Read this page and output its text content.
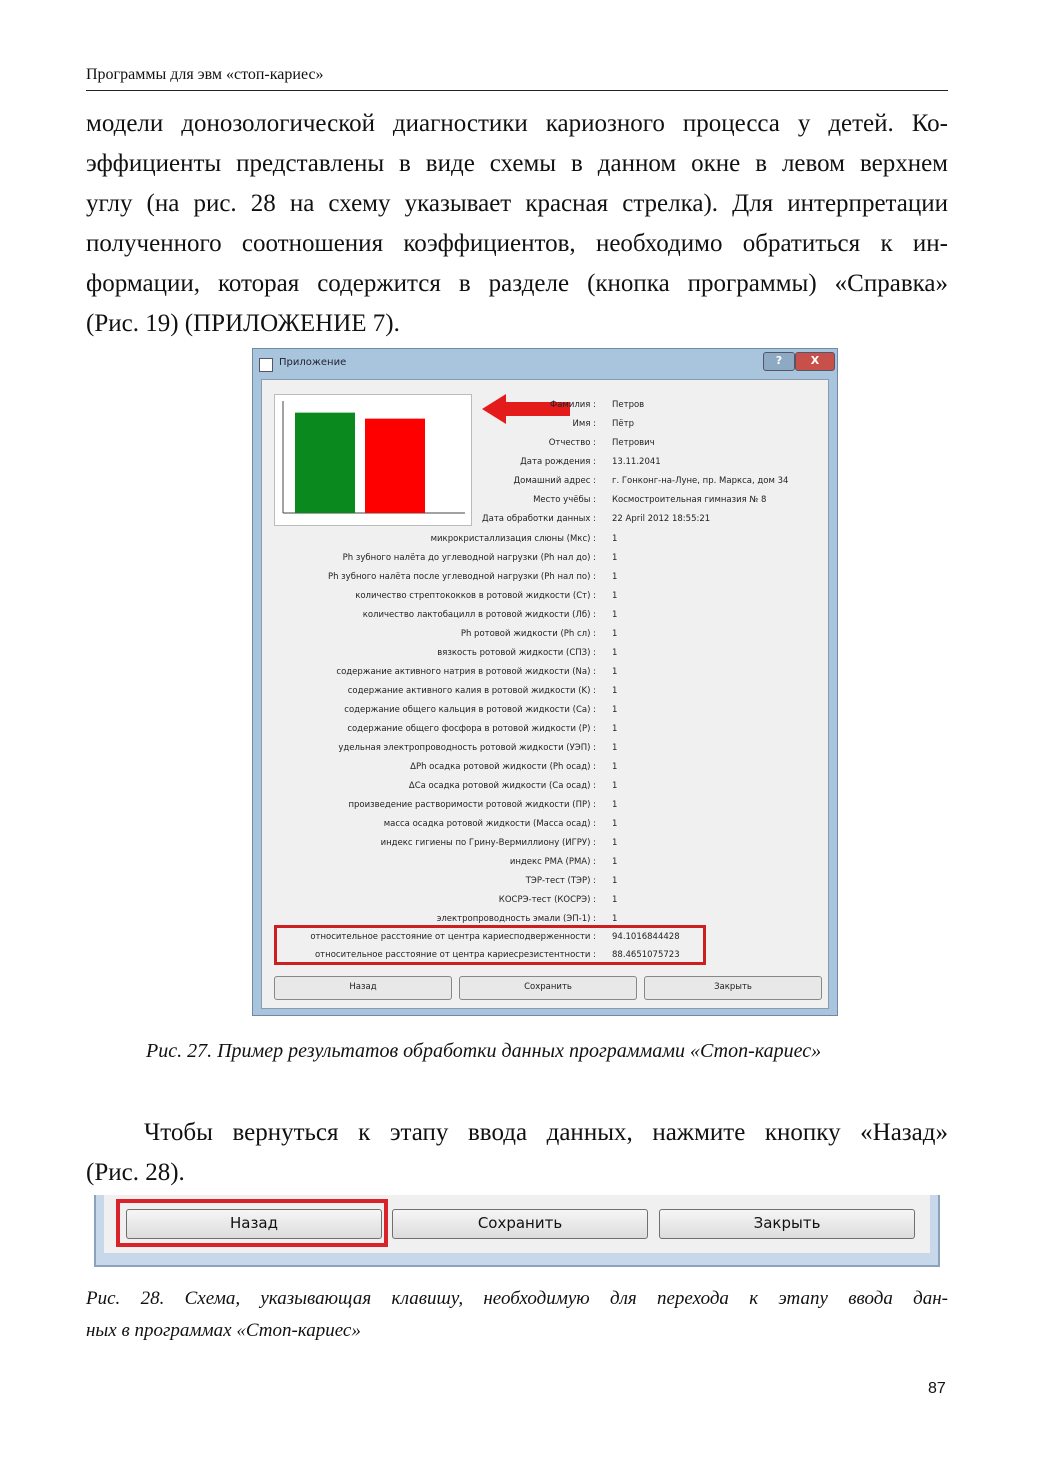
Программы для эвм «стоп-кариес»

модели донозологической диагностики кариозного процесса у детей. Ко-
эффициенты представлены в виде схемы в данном окне в левом верхнем
углу (на рис. 28 на схему указывает красная стрелка). Для интерпретации
полученного соотношения коэффициентов, необходимо обратиться к ин-
формации, которая содержится в разделе (кнопка программы) «Справка»
(Рис. 19) (ПРИЛОЖЕНИЕ 7).

Приложение	?	X
Фамилия : Петров
Имя : Пётр
Отчество : Петрович
Дата рождения : 13.11.2041
Домашний адрес : г. Гонконг-на-Луне, пр. Маркса, дом 34
Место учёбы : Космостроительная гимназия № 8
Дата обработки данных : 22 April 2012 18:55:21
микрокристаллизация слюны (Мкс) : 1
Ph зубного налёта до углеводной нагрузки (Ph нал до) : 1
Ph зубного налёта после углеводной нагрузки (Ph нал по) : 1
количество стрептококков в ротовой жидкости (Ст) : 1
количество лактобацилл в ротовой жидкости (Лб) : 1
Ph ротовой жидкости (Ph сл) : 1
вязкость ротовой жидкости (СПЗ) : 1
содержание активного натрия в ротовой жидкости (Na) : 1
содержание активного калия в ротовой жидкости (K) : 1
содержание общего кальция в ротовой жидкости (Ca) : 1
содержание общего фосфора в ротовой жидкости (P) : 1
удельная электропроводность ротовой жидкости (УЭП) : 1
ΔPh осадка ротовой жидкости (Ph осад) : 1
ΔCa осадка ротовой жидкости (Ca осад) : 1
произведение растворимости ротовой жидкости (ПР) : 1
масса осадка ротовой жидкости (Масса осад) : 1
индекс гигиены по Грину-Вермиллиону (ИГРУ) : 1
индекс PMA (PMA) : 1
ТЭР-тест (ТЭР) : 1
КОСРЭ-тест (КОСРЭ) : 1
электропроводность эмали (ЭП-1) : 1
относительное расстояние от центра кариесподверженности : 94.1016844428
относительное расстояние от центра кариесрезистентности : 88.4651075723
Назад	Сохранить	Закрыть

Рис. 27. Пример результатов обработки данных программами «Стоп-кариес»

Чтобы вернуться к этапу ввода данных, нажмите кнопку «Назад»
(Рис. 28).

Назад	Сохранить	Закрыть

Рис. 28. Схема, указывающая клавишу, необходимую для перехода к этапу ввода дан-
ных в программах «Стоп-кариес»

87
